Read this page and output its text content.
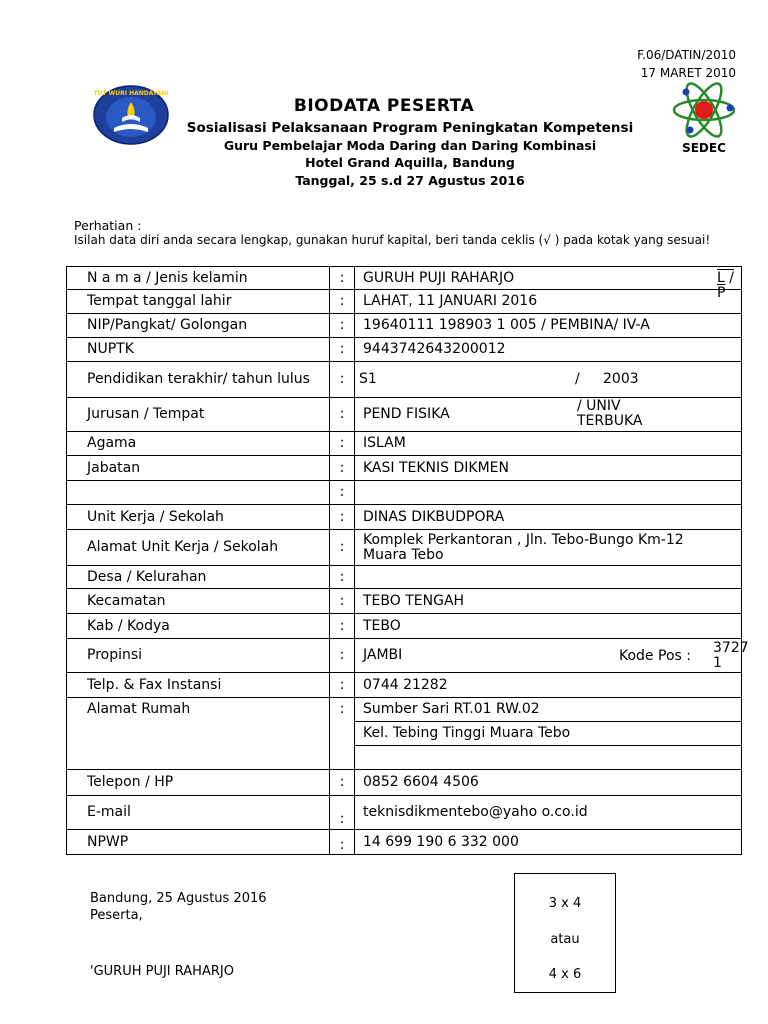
F.06/DATIN/2010
17 MARET 2010
TUT WURI HANDAYANI
SEDEC
BIODATA PESERTA
Sosialisasi Pelaksanaan Program Peningkatan Kompetensi
Guru Pembelajar Moda Daring dan Daring Kombinasi
Hotel Grand Aquilla, Bandung
Tanggal, 25 s.d 27 Agustus 2016
Perhatian :
Isilah data diri anda secara lengkap, gunakan huruf kapital, beri tanda ceklis (√ ) pada kotak yang sesuai!
N a m a / Jenis kelamin	:	GURUH PUJI RAHARJO L / P

Tempat tanggal lahir	:	LAHAT, 11 JANUARI 2016
NIP/Pangkat/ Golongan	:	19640111 198903 1 005 / PEMBINA/ IV-A
NUPTK	:	9443742643200012
Pendidikan terakhir/ tahun lulus	:	S1 / 2003

Jurusan / Tempat	:	PEND FISIKA / UNIV TERBUKA

Agama	:	ISLAM
Jabatan	:	KASI TEKNIS DIKMEN
	:	
Unit Kerja / Sekolah	:	DINAS DIKBUDPORA
Alamat Unit Kerja / Sekolah	:	Komplek Perkantoran , Jln. Tebo-Bungo Km-12 Muara Tebo
Desa / Kelurahan	:	
Kecamatan	:	TEBO TENGAH
Kab / Kodya	:	TEBO
Propinsi	:	JAMBI Kode Pos : 3727 1

Telp. & Fax Instansi	:	0744 21282
Alamat Rumah	:	Sumber Sari RT.01 RW.02
		Kel. Tebing Tinggi Muara Tebo

Telepon / HP	:	0852 6604 4506
E-mail	:	teknisdikmentebo@yaho o.co.id
NPWP	:	14 699 190 6 332 000
Bandung, 25 Agustus 2016
Peserta,
'GURUH PUJI RAHARJO
3 x 4
atau
4 x 6
